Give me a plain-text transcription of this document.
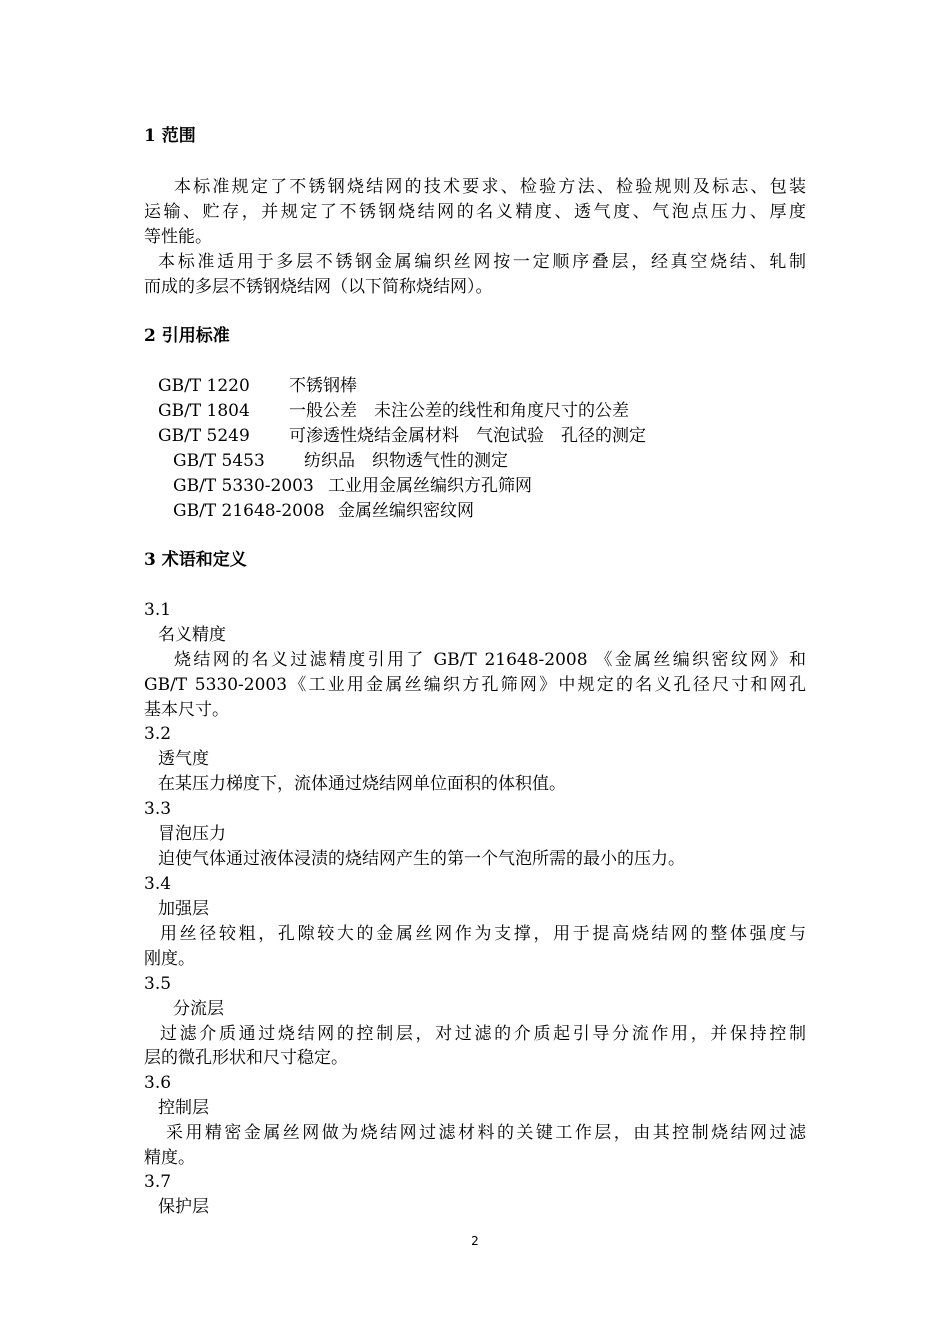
1 范围
本标准规定了不锈钢烧结网的技术要求、检验方法、检验规则及标志、包装
运输、贮存，并规定了不锈钢烧结网的名义精度、透气度、气泡点压力、厚度
等性能。
本标准适用于多层不锈钢金属编织丝网按一定顺序叠层，经真空烧结、轧制
而成的多层不锈钢烧结网（以下简称烧结网）。
2 引用标准
GB/T 1220 不锈钢棒
GB/T 1804 一般公差　未注公差的线性和角度尺寸的公差
GB/T 5249 可渗透性烧结金属材料　气泡试验　孔径的测定
GB/T 5453 纺织品　织物透气性的测定
GB/T 5330-2003 工业用金属丝编织方孔筛网
GB/T 21648-2008 金属丝编织密纹网
3 术语和定义
3.1
名义精度
烧结网的名义过滤精度引用了 GB/T 21648-2008 《金属丝编织密纹网》和
GB/T 5330-2003《工业用金属丝编织方孔筛网》中规定的名义孔径尺寸和网孔
基本尺寸。
3.2
透气度
在某压力梯度下，流体通过烧结网单位面积的体积值。
3.3
冒泡压力
迫使气体通过液体浸渍的烧结网产生的第一个气泡所需的最小的压力。
3.4
加强层
用丝径较粗，孔隙较大的金属丝网作为支撑，用于提高烧结网的整体强度与
刚度。
3.5
分流层
过滤介质通过烧结网的控制层，对过滤的介质起引导分流作用，并保持控制
层的微孔形状和尺寸稳定。
3.6
控制层
采用精密金属丝网做为烧结网过滤材料的关键工作层，由其控制烧结网过滤
精度。
3.7
保护层
2
